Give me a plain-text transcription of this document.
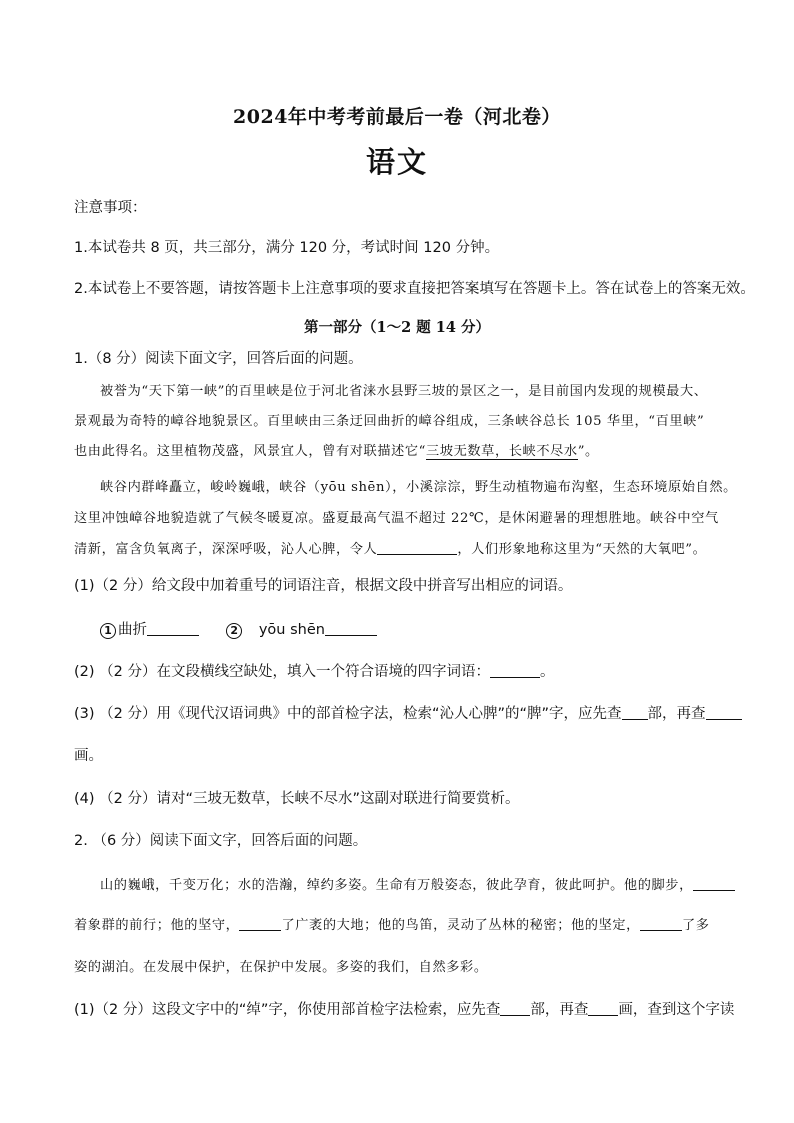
2024年中考考前最后一卷（河北卷）
语文
注意事项：
1.本试卷共 8 页，共三部分，满分 120 分，考试时间 120 分钟。
2.本试卷上不要答题，请按答题卡上注意事项的要求直接把答案填写在答题卡上。答在试卷上的答案无效。
第一部分（1～2 题 14 分）
1.（8 分）阅读下面文字，回答后面的问题。
被誉为“天下第一峡”的百里峡是位于河北省涞水县野三坡的景区之一，是目前国内发现的规模最大、
景观最为奇特的嶂谷地貌景区。百里峡由三条迂回曲折的嶂谷组成，三条峡谷总长 105 华里，“百里峡”
也由此得名。这里植物茂盛，风景宜人，曾有对联描述它“三坡无数草，长峡不尽水”。
峡谷内群峰矗立，峻岭巍峨，峡谷（yōu shēn），小溪淙淙，野生动植物遍布沟壑，生态环境原始自然。
这里冲蚀嶂谷地貌造就了气候冬暖夏凉。盛夏最高气温不超过 22℃，是休闲避暑的理想胜地。峡谷中空气
清新，富含负氧离子，深深呼吸，沁人心脾，令人	，人们形象地称这里为“天然的大氧吧”。
(1)（2 分）给文段中加着重号的词语注音，根据文段中拼音写出相应的词语。
1 曲折	2 yōu shēn
(2) （2 分）在文段横线空缺处，填入一个符合语境的四字词语：	。
(3) （2 分）用《现代汉语词典》中的部首检字法，检索“沁人心脾”的“脾”字，应先查 部，再查
画。
(4) （2 分）请对“三坡无数草，长峡不尽水”这副对联进行简要赏析。
2. （6 分）阅读下面文字，回答后面的问题。
山的巍峨，千变万化；水的浩瀚，绰约多姿。生命有万般姿态，彼此孕育，彼此呵护。他的脚步，
着象群的前行；他的坚守，	了广袤的大地；他的鸟笛，灵动了丛林的秘密；他的坚定，	了多
姿的湖泊。在发展中保护，在保护中发展。多姿的我们，自然多彩。
(1)（2 分）这段文字中的“绰”字，你使用部首检字法检索，应先查 部，再查 画，查到这个字读
